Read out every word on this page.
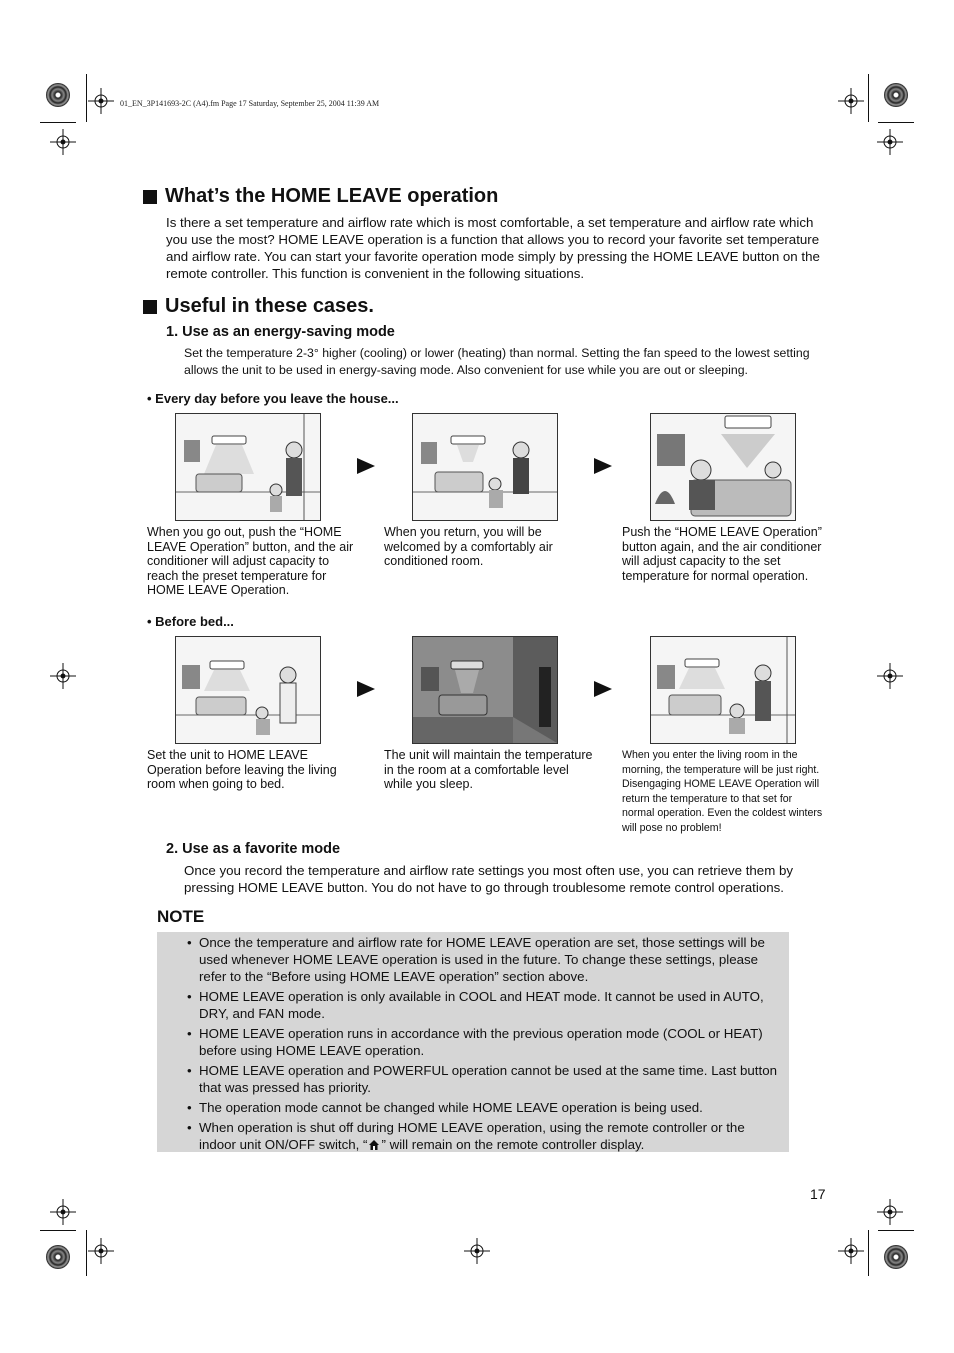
01_EN_3P141693-2C (A4).fm Page 17 Saturday, September 25, 2004 11:39 AM
What’s the HOME LEAVE operation
Is there a set temperature and airflow rate which is most comfortable, a set temperature and airflow rate which you use the most? HOME LEAVE operation is a function that allows you to record your favorite set temperature and airflow rate. You can start your favorite operation mode simply by pressing the HOME LEAVE button on the remote controller. This function is convenient in the following situations.
Useful in these cases.
1. Use as an energy-saving mode
Set the temperature 2-3° higher (cooling) or lower (heating) than normal. Setting the fan speed to the lowest setting allows the unit to be used in energy-saving mode. Also convenient for use while you are out or sleeping.
• Every day before you leave the house...
When you go out, push the “HOME LEAVE Operation” button, and the air conditioner will adjust capacity to reach the preset temperature for HOME LEAVE Operation.
When you return, you will be welcomed by a comfortably air conditioned room.
Push the “HOME LEAVE Operation” button again, and the air conditioner will adjust capacity to the set temperature for normal operation.
• Before bed...
Set the unit to HOME LEAVE Operation before leaving the living room when going to bed.
The unit will maintain the temperature in the room at a comfortable level while you sleep.
When you enter the living room in the morning, the temperature will be just right. Disengaging HOME LEAVE Operation will return the temperature to that set for normal operation. Even the coldest winters will pose no problem!
2. Use as a favorite mode
Once you record the temperature and airflow rate settings you most often use, you can retrieve them by pressing HOME LEAVE button. You do not have to go through troublesome remote control operations.
NOTE
• Once the temperature and airflow rate for HOME LEAVE operation are set, those settings will be used whenever HOME LEAVE operation is used in the future. To change these settings, please refer to the “Before using HOME LEAVE operation” section above.
• HOME LEAVE operation is only available in COOL and HEAT mode. It cannot be used in AUTO, DRY, and FAN mode.
• HOME LEAVE operation runs in accordance with the previous operation mode (COOL or HEAT) before using HOME LEAVE operation.
• HOME LEAVE operation and POWERFUL operation cannot be used at the same time. Last button that was pressed has priority.
• The operation mode cannot be changed while HOME LEAVE operation is being used.
• When operation is shut off during HOME LEAVE operation, using the remote controller or the indoor unit ON/OFF switch, “ ” will remain on the remote controller display.
17
